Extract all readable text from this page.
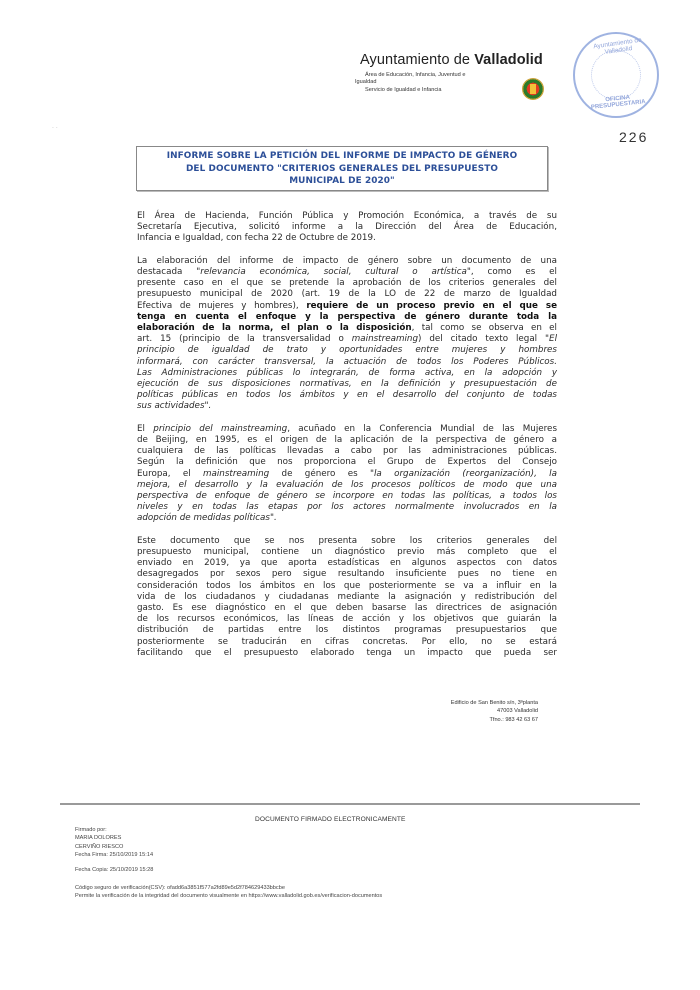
· ·
Ayuntamiento de Valladolid
Área de Educación, Infancia, Juventud e
Igualdad
Servicio de Igualdad e Infancia
Ayuntamiento de Valladolid
OFICINA PRESUPUESTARIA
226
INFORME SOBRE LA PETICIÓN DEL INFORME DE IMPACTO DE GÉNERO
DEL DOCUMENTO "CRITERIOS GENERALES DEL PRESUPUESTO
MUNICIPAL DE 2020"

El Área de Hacienda, Función Pública y Promoción Económica, a través de su
Secretaría Ejecutiva, solicitó informe a la Dirección del Área de Educación,
Infancia e Igualdad, con fecha 22 de Octubre de 2019.

La elaboración del informe de impacto de género sobre un documento de una
destacada "relevancia económica, social, cultural o artística", como es el
presente caso en el que se pretende la aprobación de los criterios generales del
presupuesto municipal de 2020 (art. 19 de la LO de 22 de marzo de Igualdad
Efectiva de mujeres y hombres), requiere de un proceso previo en el que se
tenga en cuenta el enfoque y la perspectiva de género durante toda la
elaboración de la norma, el plan o la disposición, tal como se observa en el
art. 15 (principio de la transversalidad o mainstreaming) del citado texto legal "El
principio de igualdad de trato y oportunidades entre mujeres y hombres
informará, con carácter transversal, la actuación de todos los Poderes Públicos.
Las Administraciones públicas lo integrarán, de forma activa, en la adopción y
ejecución de sus disposiciones normativas, en la definición y presupuestación de
políticas públicas en todos los ámbitos y en el desarrollo del conjunto de todas
sus actividades".

El principio del mainstreaming, acuñado en la Conferencia Mundial de las Mujeres
de Beijing, en 1995, es el origen de la aplicación de la perspectiva de género a
cualquiera de las políticas llevadas a cabo por las administraciones públicas.
Según la definición que nos proporciona el Grupo de Expertos del Consejo
Europa, el mainstreaming de género es "la organización (reorganización), la
mejora, el desarrollo y la evaluación de los procesos políticos de modo que una
perspectiva de enfoque de género se incorpore en todas las políticas, a todos los
niveles y en todas las etapas por los actores normalmente involucrados en la
adopción de medidas políticas".

Este documento que se nos presenta sobre los criterios generales del
presupuesto municipal, contiene un diagnóstico previo más completo que el
enviado en 2019, ya que aporta estadísticas en algunos aspectos con datos
desagregados por sexos pero sigue resultando insuficiente pues no tiene en
consideración todos los ámbitos en los que posteriormente se va a influir en la
vida de los ciudadanos y ciudadanas mediante la asignación y redistribución del
gasto. Es ese diagnóstico en el que deben basarse las directrices de asignación
de los recursos económicos, las líneas de acción y los objetivos que guiarán la
distribución de partidas entre los distintos programas presupuestarios que
posteriormente se traducirán en cifras concretas. Por ello, no se estará
facilitando que el presupuesto elaborado tenga un impacto que pueda ser

Edificio de San Benito s/n, 3ªplanta
47003 Valladolid
Tfno.: 983 42 63 67
DOCUMENTO FIRMADO ELECTRONICAMENTE
Firmado por:
MARIA DOLORES
CERVIÑO RIESCO
Fecha Firma: 25/10/2019 15:14
Fecha Copia: 25/10/2019 15:28
Código seguro de verificación(CSV): ofadd6a3851f577a2fd89e5d2f784629433bbcbe
Permite la verificación de la integridad del documento visualmente en https://www.valladolid.gob.es/verificacion-documentos
